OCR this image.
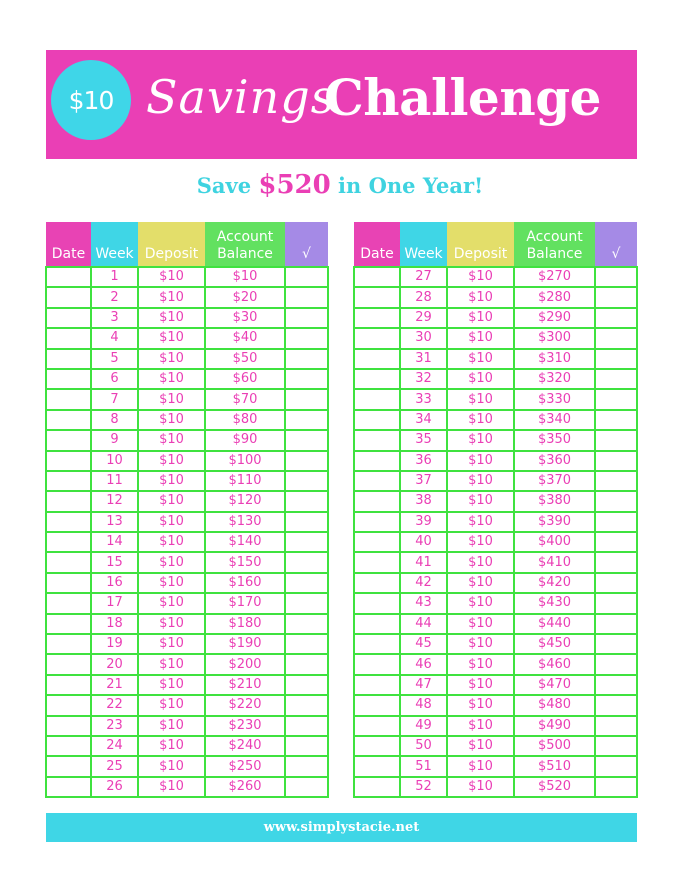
$10 Savings
Challenge
Save $520 in One Year!
Date	Week	Deposit	Account Balance	√
	1	$10	$10	
	2	$10	$20	
	3	$10	$30	
	4	$10	$40	
	5	$10	$50	
	6	$10	$60	
	7	$10	$70	
	8	$10	$80	
	9	$10	$90	
	10	$10	$100	
	11	$10	$110	
	12	$10	$120	
	13	$10	$130	
	14	$10	$140	
	15	$10	$150	
	16	$10	$160	
	17	$10	$170	
	18	$10	$180	
	19	$10	$190	
	20	$10	$200	
	21	$10	$210	
	22	$10	$220	
	23	$10	$230	
	24	$10	$240	
	25	$10	$250	
	26	$10	$260	
Date	Week	Deposit	Account Balance	√
	27	$10	$270	
	28	$10	$280	
	29	$10	$290	
	30	$10	$300	
	31	$10	$310	
	32	$10	$320	
	33	$10	$330	
	34	$10	$340	
	35	$10	$350	
	36	$10	$360	
	37	$10	$370	
	38	$10	$380	
	39	$10	$390	
	40	$10	$400	
	41	$10	$410	
	42	$10	$420	
	43	$10	$430	
	44	$10	$440	
	45	$10	$450	
	46	$10	$460	
	47	$10	$470	
	48	$10	$480	
	49	$10	$490	
	50	$10	$500	
	51	$10	$510	
	52	$10	$520	
www.simplystacie.net
